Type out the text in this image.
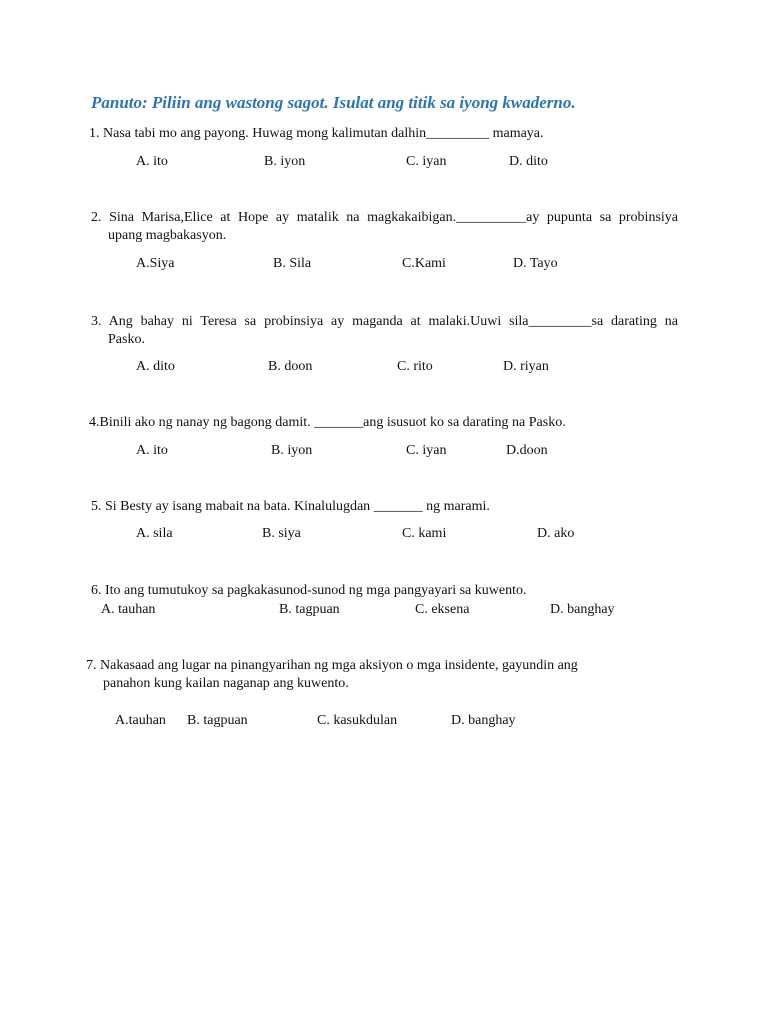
Panuto: Piliin ang wastong sagot. Isulat ang titik sa iyong kwaderno.
1. Nasa tabi mo ang payong. Huwag mong kalimutan dalhin_________ mamaya.
A. ito	B. iyon	C. iyan	D. dito
2. Sina Marisa,Elice at Hope ay matalik na magkakaibigan.__________ay pupunta sa probinsiya
upang magbakasyon.
A.Siya	B. Sila	C.Kami	D. Tayo
3. Ang bahay ni Teresa sa probinsiya ay maganda at malaki.Uuwi sila_________sa darating na
Pasko.
A. dito	B. doon	C. rito	D. riyan
4.Binili ako ng nanay ng bagong damit. _______ang isusuot ko sa darating na Pasko.
A. ito	B. iyon	C. iyan	D.doon
5. Si Besty ay isang mabait na bata. Kinalulugdan _______ ng marami.
A. sila	B. siya	C. kami	D. ako
6. Ito ang tumutukoy sa pagkakasunod-sunod ng mga pangyayari sa kuwento.
A. tauhan	B. tagpuan	C. eksena	D. banghay
7. Nakasaad ang lugar na pinangyarihan ng mga aksiyon o mga insidente, gayundin ang
panahon kung kailan naganap ang kuwento.
A.tauhan B. tagpuan	C. kasukdulan	D. banghay
